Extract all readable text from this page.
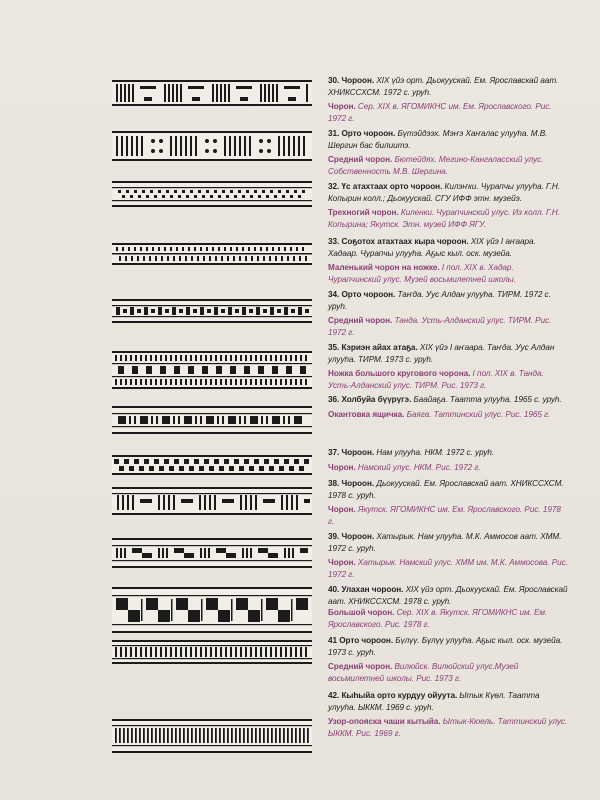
30. Чороон. XIX үйэ орт. Дьокуускай. Ем. Ярославскай аат. ХНИКССХСМ. 1972 с. уруһ.

Чорон. Сер. XIX в. ЯГОМИКНС им. Ем. Ярославского. Рис. 1972 г.

31. Орто чороон. Бүтэйдээх. Мэҥэ Хаҥалас улууһа. М.В. Шергин бас билиитэ.

Средний чорон. Бютейдях. Мегино-Кангаласский улус. Собственность М.В. Шергина.

32. Үс атахтаах орто чороон. Килэҥки. Чурапчы улууһа. Г.Н. Копырин колл.; Дьокуускай. СГУ ИФФ этн. музейэ.

Трехногий чорон. Киленки. Чурапчинский улус. Из колл. Г.Н. Копырина; Якутск. Этн. музей ИФФ ЯГУ.

33. Соҕотох атахтаах кыра чороон. XIX үйэ I аҥаара. Хадаар. Чурапчы улууһа. Аҕыс кыл. оск. музейа.

Маленький чорон на ножке. I пол. XIX в. Хадар. Чурапчинский улус. Музей восьмилетней школы.

34. Орто чороон. Таҥда. Уус Алдан улууһа. ТИРМ. 1972 с. уруһ.

Средний чорон. Танда. Усть-Алданский улус. ТИРМ. Рис. 1972 г.

35. Кэриэн айах атаҕа. XIX үйэ I аҥаара. Таҥда. Уус Алдан улууһа. ТИРМ. 1973 с. уруһ.

Ножка большого кругового чорона. I пол. XIX в. Танда. Усть-Алданский улус. ТИРМ. Рис. 1973 г.

36. Холбуйа бүүрүгэ. Баайаҕа. Таатта улууһа. 1965 с. уруһ.

Окантовка ящичка. Баяга. Таттинский улус. Рис. 1965 г.

37. Чороон. Нам улууһа. НКМ. 1972 с. уруһ.

Чорон. Намский улус. НКМ. Рис. 1972 г.

38. Чороон. Дьокуускай. Ем. Ярославскай аат. ХНИКССХСМ. 1978 с. уруһ.

Чорон. Якутск. ЯГОМИКНС им. Ем. Ярославского. Рис. 1978 г.

39. Чороон. Хатырык. Нам улууһа. М.К. Аммосов аат. ХММ. 1972 с. уруһ.

Чорон. Хатырык. Намский улус. ХММ им. М.К. Аммосова. Рис. 1972 г.

40. Улахан чороон. XIX үйэ орт. Дьокуускай. Ем. Ярославскай аат. ХНИКССХСМ. 1978 с. уруһ.

Большой чорон. Сер. XIX в. Якутск. ЯГОМИКНС им. Ем. Ярославского. Рис. 1978 г.

41 Орто чороон. Бүлүү. Бүлүү улууһа. Аҕыс кыл. оск. музейа. 1973 с. уруһ.

Средний чорон. Вилюйск. Вилюйский улус.Музей восьмилетней школы. Рис. 1973 г.

42. Кыһыйа орто курдуу ойуута. Ытык Күөл. Таатта улууһа. ЫККМ. 1969 с. уруһ.

Узор-опояска чаши кытыйа. Ытык-Кюель. Таттинский улус. ЫККМ. Рис. 1969 г.
